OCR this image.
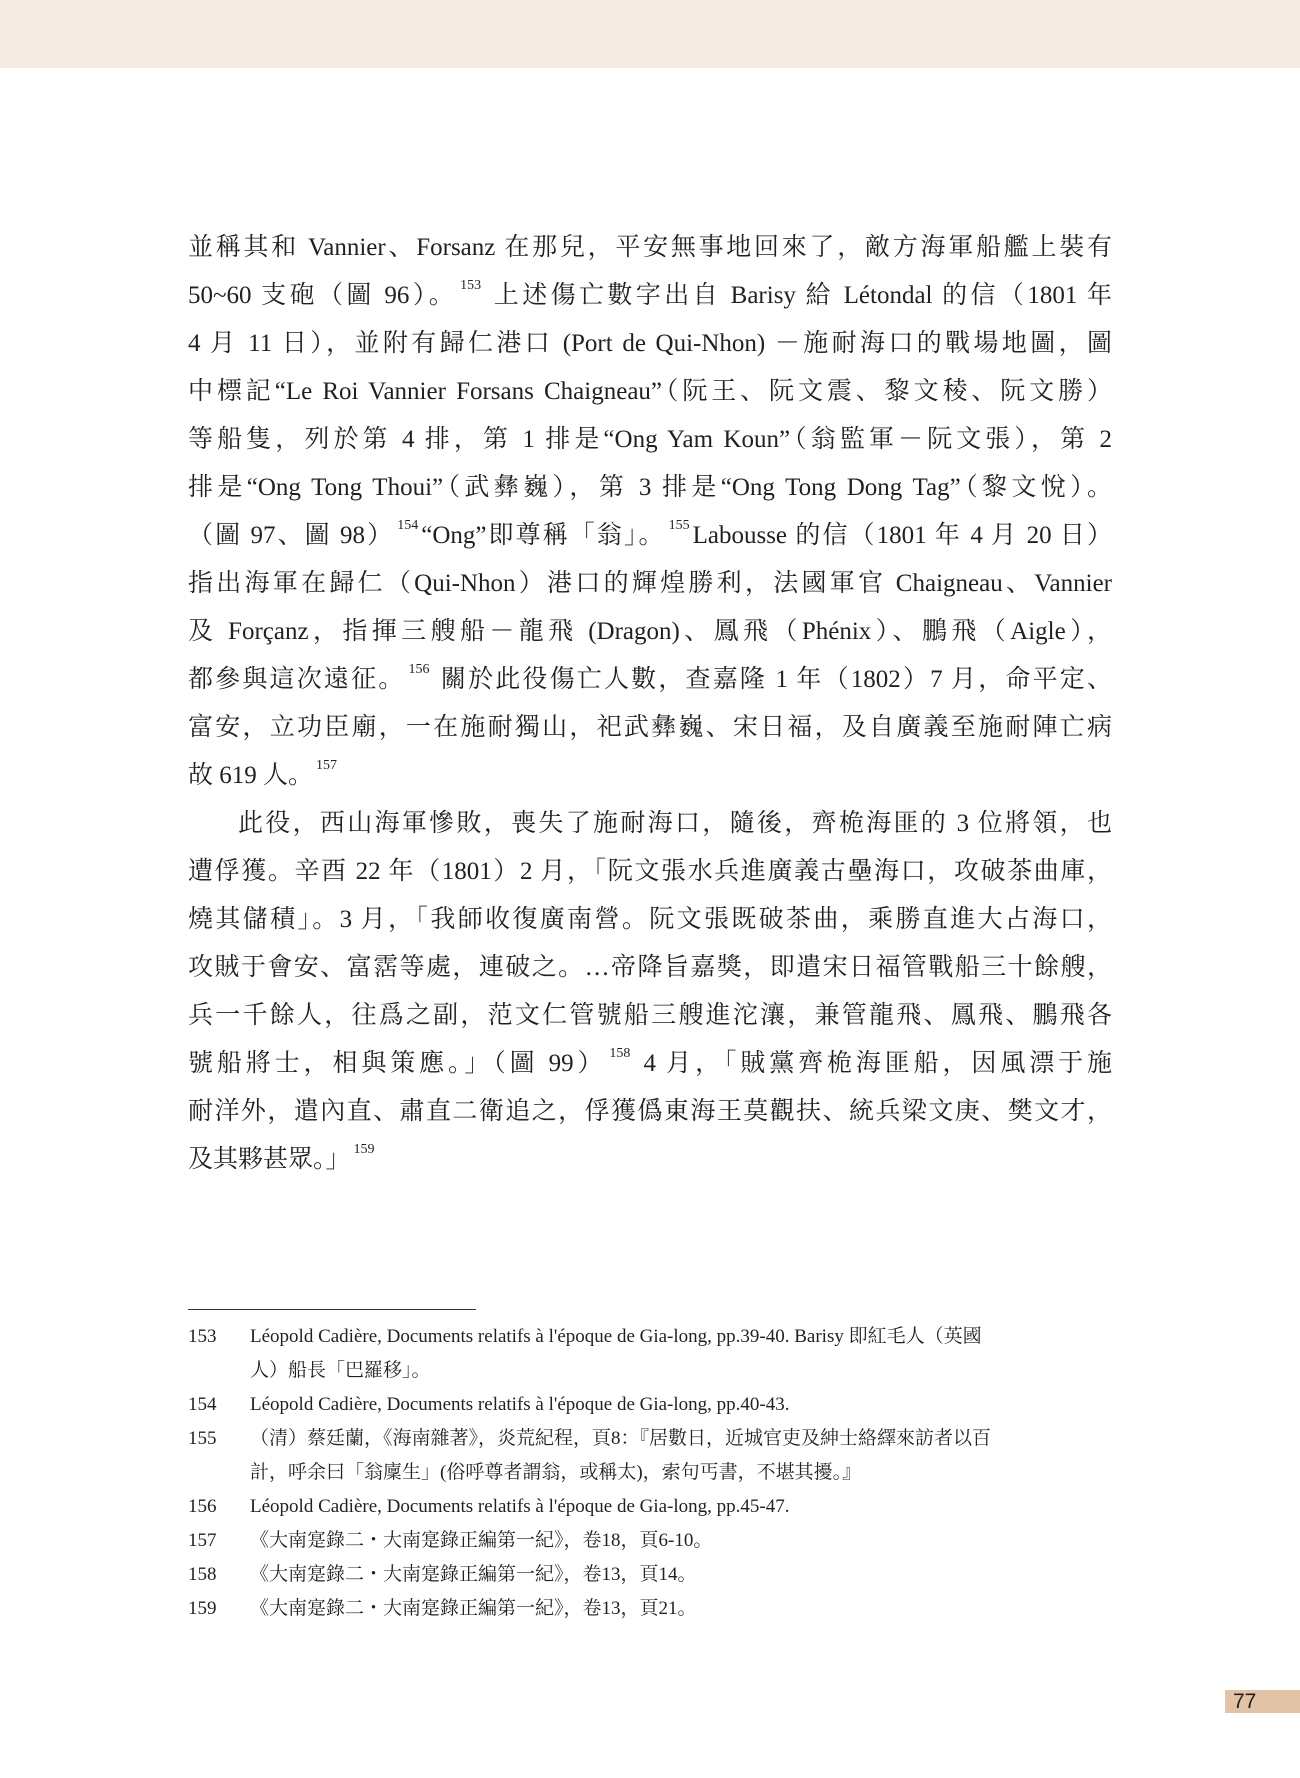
並稱其和 Vannier、Forsanz 在那兒，平安無事地回來了，敵方海軍船艦上裝有
50~60 支砲（圖 96）。 $^{153}$ 上述傷亡數字出自 Barisy 給 Létondal 的信（1801 年
4 月 11 日），並附有歸仁港口 (Port de Qui-Nhon) －施耐海口的戰場地圖，圖
中標記“Le Roi Vannier Forsans Chaigneau”（阮王、阮文震、黎文稜、阮文勝）
等船隻，列於第 4 排，第 1 排是“Ong Yam Koun”（翁監軍－阮文張），第 2
排是“Ong Tong Thoui”（武彝巍），第 3 排是“Ong Tong Dong Tag”（黎文悅）。
（圖 97、圖 98） $^{154}$ “Ong”即尊稱「翁」。 $^{155}$ Labousse 的信（1801 年 4 月 20 日）
指出海軍在歸仁（Qui-Nhon）港口的輝煌勝利，法國軍官 Chaigneau、Vannier
及 Forçanz，指揮三艘船－龍飛 (Dragon)、鳳飛（Phénix）、鵬飛（Aigle），
都參與這次遠征。 $^{156}$ 關於此役傷亡人數，查嘉隆 1 年（1802）7 月，命平定、
富安，立功臣廟，一在施耐獨山，祀武彝巍、宋日福，及自廣義至施耐陣亡病
故 619 人。 $^{157}$
此役，西山海軍慘敗，喪失了施耐海口，隨後，齊桅海匪的 3 位將領，也
遭俘獲。辛酉 22 年（1801）2 月，「阮文張水兵進廣義古壘海口，攻破茶曲庫，
燒其儲積」。3 月，「我師收復廣南營。阮文張既破茶曲，乘勝直進大占海口，
攻賊于會安、富霑等處，連破之。…帝降旨嘉獎，即遣宋日福管戰船三十餘艘，
兵一千餘人，往爲之副，范文仁管號船三艘進沱瀼，兼管龍飛、鳳飛、鵬飛各
號船將士，相與策應。」（圖 99） $^{158}$ 4 月，「賊黨齊桅海匪船，因風漂于施
耐洋外，遣內直、肅直二衛追之，俘獲僞東海王莫觀扶、統兵梁文庚、樊文才，
及其夥甚眾。」 $^{159}$
153	Léopold Cadière, Documents relatifs à l'époque de Gia-long, pp.39-40. Barisy 即紅毛人（英國
人）船長「巴羅移」。
154	Léopold Cadière, Documents relatifs à l'époque de Gia-long, pp.40-43.
155	（清）蔡廷蘭，《海南雜著》，炎荒紀程，頁8：『居數日，近城官吏及紳士絡繹來訪者以百
計，呼余曰「翁廩生」(俗呼尊者謂翁，或稱太)，索句丐書，不堪其擾。』
156	Léopold Cadière, Documents relatifs à l'époque de Gia-long, pp.45-47.
157	《大南寔錄二・大南寔錄正編第一紀》，卷18，頁6-10。
158	《大南寔錄二・大南寔錄正編第一紀》，卷13，頁14。
159	《大南寔錄二・大南寔錄正編第一紀》，卷13，頁21。
77
